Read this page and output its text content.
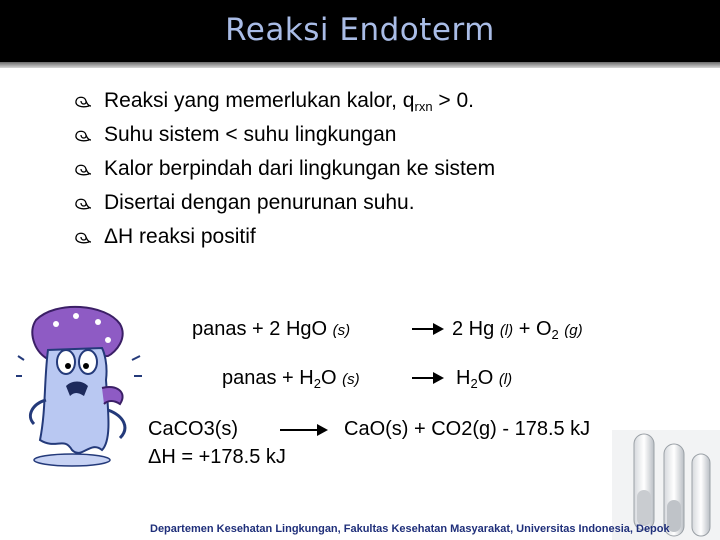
Reaksi Endoterm
Reaksi yang memerlukan kalor, $q_{rxn} > 0$.
Suhu sistem < suhu lingkungan
Kalor berpindah dari lingkungan ke sistem
Disertai dengan penurunan suhu.
ΔH reaksi positif
panas + 2 HgO (s)	→ 2 Hg $(l) + O_2$ (g)
panas + $H_2O$ (s)	→ $H_2O$ (l)
CaCO3(s)	→ CaO(s) + CO2(g) - 178.5 kJ
ΔH = +178.5 kJ
Departemen Kesehatan Lingkungan, Fakultas Kesehatan Masyarakat, Universitas Indonesia, Depok
